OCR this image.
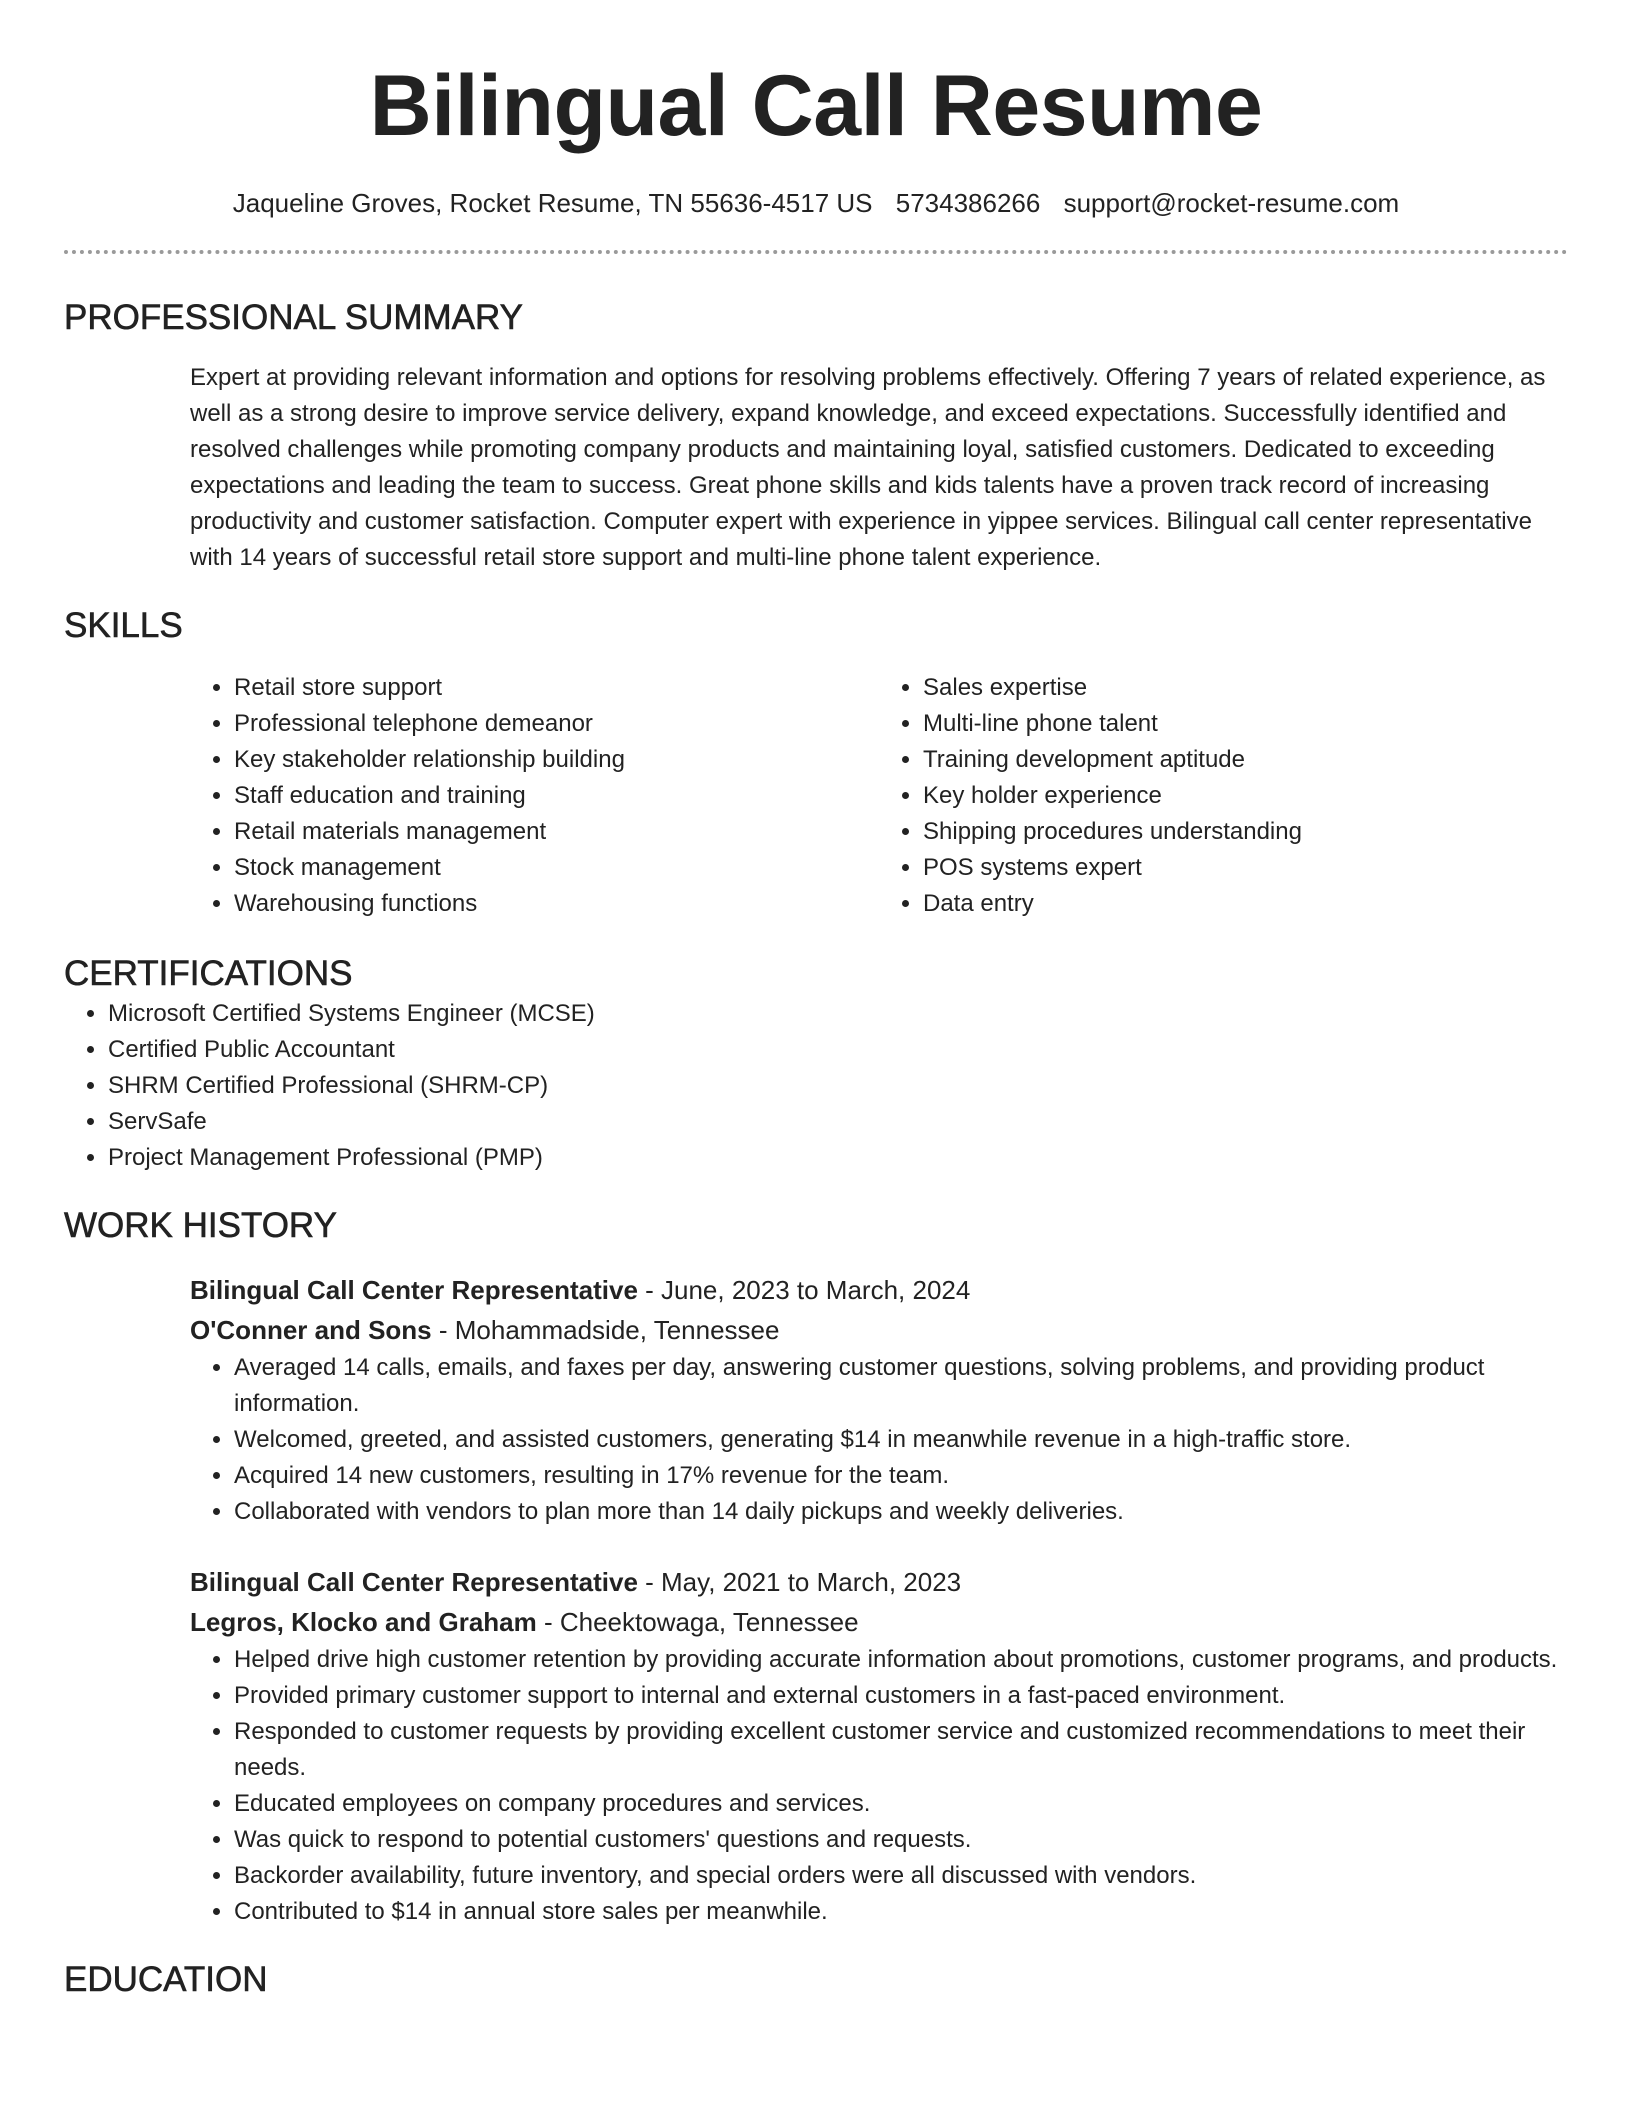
Bilingual Call Resume
Jaqueline Groves, Rocket Resume, TN 55636-4517 US 5734386266 support@rocket-resume.com
PROFESSIONAL SUMMARY
Expert at providing relevant information and options for resolving problems effectively. Offering 7 years of related experience, as well as a strong desire to improve service delivery, expand knowledge, and exceed expectations. Successfully identified and resolved challenges while promoting company products and maintaining loyal, satisfied customers. Dedicated to exceeding expectations and leading the team to success. Great phone skills and kids talents have a proven track record of increasing productivity and customer satisfaction. Computer expert with experience in yippee services. Bilingual call center representative with 14 years of successful retail store support and multi-line phone talent experience.
SKILLS
• Retail store support
• Professional telephone demeanor
• Key stakeholder relationship building
• Staff education and training
• Retail materials management
• Stock management
• Warehousing functions
• Sales expertise
• Multi-line phone talent
• Training development aptitude
• Key holder experience
• Shipping procedures understanding
• POS systems expert
• Data entry
CERTIFICATIONS
• Microsoft Certified Systems Engineer (MCSE)
• Certified Public Accountant
• SHRM Certified Professional (SHRM-CP)
• ServSafe
• Project Management Professional (PMP)
WORK HISTORY
Bilingual Call Center Representative - June, 2023 to March, 2024
O'Conner and Sons - Mohammadside, Tennessee
• Averaged 14 calls, emails, and faxes per day, answering customer questions, solving problems, and providing product information.
• Welcomed, greeted, and assisted customers, generating $14 in meanwhile revenue in a high-traffic store.
• Acquired 14 new customers, resulting in 17% revenue for the team.
• Collaborated with vendors to plan more than 14 daily pickups and weekly deliveries.
Bilingual Call Center Representative - May, 2021 to March, 2023
Legros, Klocko and Graham - Cheektowaga, Tennessee
• Helped drive high customer retention by providing accurate information about promotions, customer programs, and products.
• Provided primary customer support to internal and external customers in a fast-paced environment.
• Responded to customer requests by providing excellent customer service and customized recommendations to meet their needs.
• Educated employees on company procedures and services.
• Was quick to respond to potential customers' questions and requests.
• Backorder availability, future inventory, and special orders were all discussed with vendors.
• Contributed to $14 in annual store sales per meanwhile.
EDUCATION
